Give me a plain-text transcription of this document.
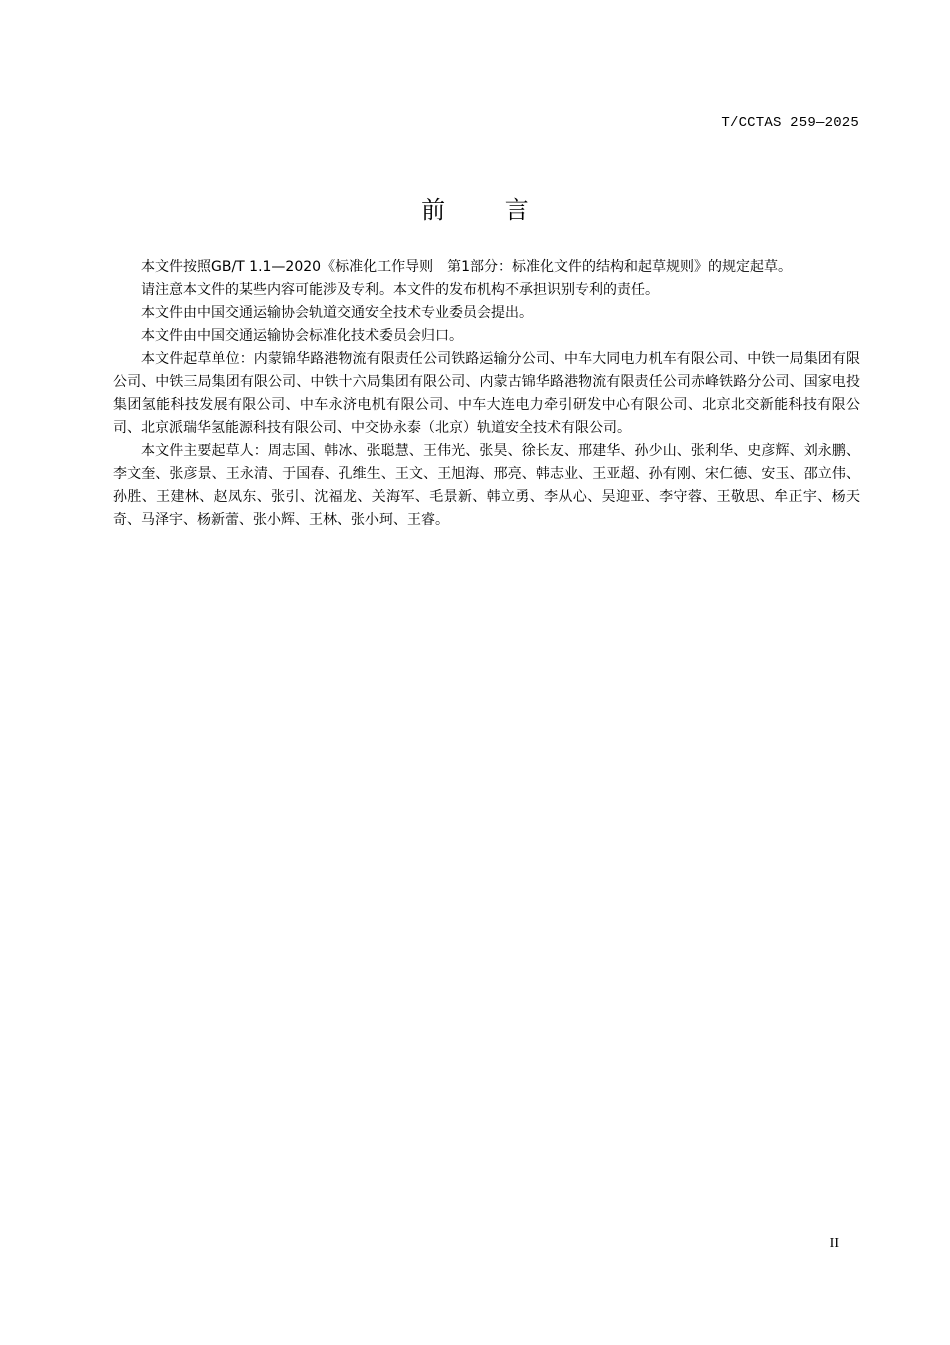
T/CCTAS 259—2025
前 言

本文件按照GB/T 1.1—2020《标准化工作导则　第1部分：标准化文件的结构和起草规则》的规定起草。

请注意本文件的某些内容可能涉及专利。本文件的发布机构不承担识别专利的责任。

本文件由中国交通运输协会轨道交通安全技术专业委员会提出。

本文件由中国交通运输协会标准化技术委员会归口。

本文件起草单位：内蒙锦华路港物流有限责任公司铁路运输分公司、中车大同电力机车有限公司、中铁一局集团有限公司、中铁三局集团有限公司、中铁十六局集团有限公司、内蒙古锦华路港物流有限责任公司赤峰铁路分公司、国家电投集团氢能科技发展有限公司、中车永济电机有限公司、中车大连电力牵引研发中心有限公司、北京北交新能科技有限公司、北京派瑞华氢能源科技有限公司、中交协永泰（北京）轨道安全技术有限公司。

本文件主要起草人：周志国、韩冰、张聪慧、王伟光、张昊、徐长友、邢建华、孙少山、张利华、史彦辉、刘永鹏、李文奎、张彦景、王永清、于国春、孔维生、王文、王旭海、邢亮、韩志业、王亚超、孙有刚、宋仁德、安玉、邵立伟、孙胜、王建林、赵凤东、张引、沈福龙、关海军、毛景新、韩立勇、李从心、吴迎亚、李守蓉、王敬思、牟正宇、杨天奇、马泽宇、杨新蕾、张小辉、王林、张小珂、王睿。

II
